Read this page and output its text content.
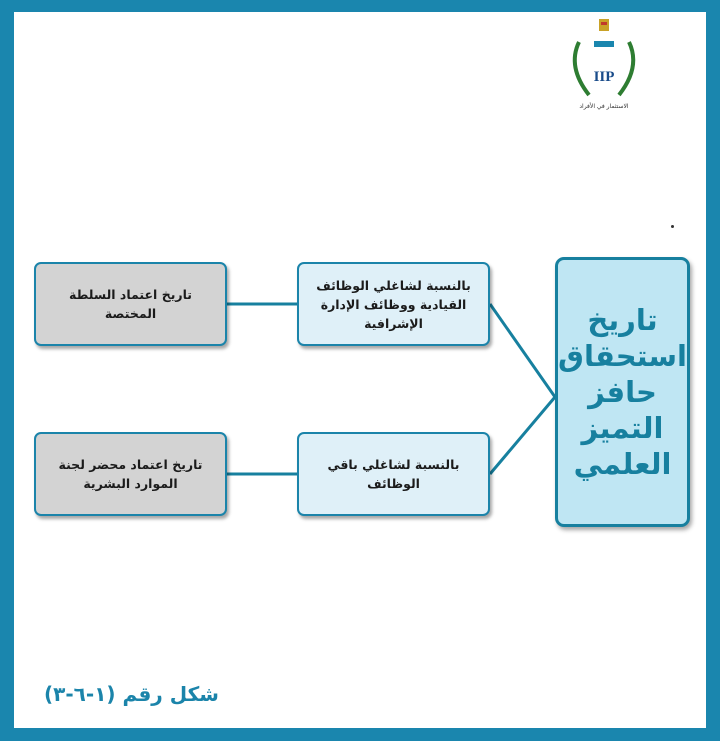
IIP
الاستثمار في الأفراد
تاريخ استحقاق حافز التميز العلمي
بالنسبة لشاغلي الوظائف القيادية ووظائف الإدارة الإشرافية
بالنسبة لشاغلي باقي الوظائف
تاريخ اعتماد السلطة المختصة
تاريخ اعتماد محضر لجنة الموارد البشرية
شكل رقم (١-٦-٣)
